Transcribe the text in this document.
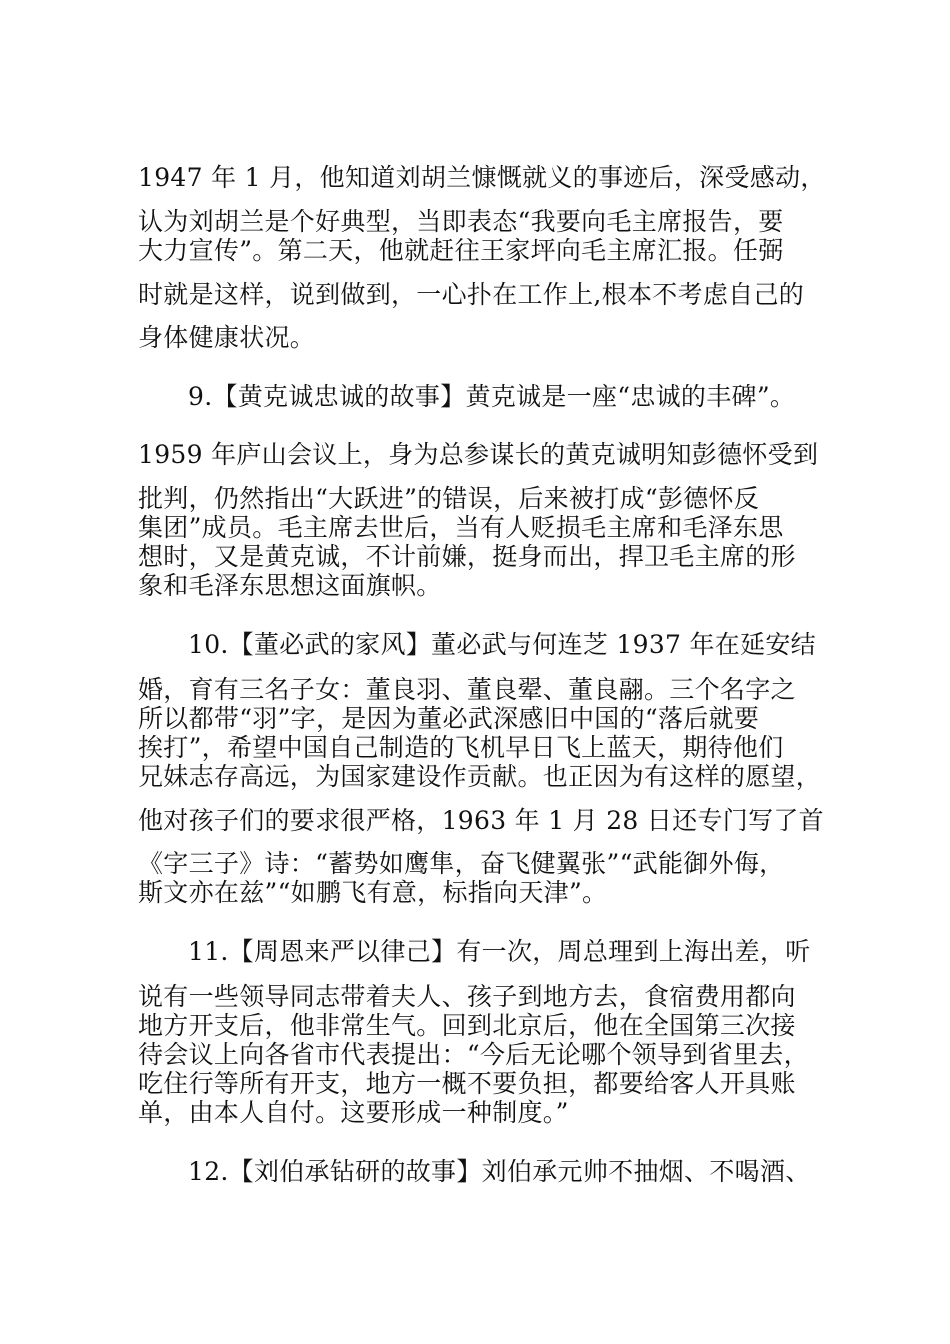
1947 年 1 月，他知道刘胡兰慷慨就义的事迹后，深受感动，
认为刘胡兰是个好典型，当即表态“我要向毛主席报告，要
大力宣传”。第二天，他就赶往王家坪向毛主席汇报。任弼
时就是这样，说到做到，一心扑在工作上,根本不考虑自己的
身体健康状况。
9.【黄克诚忠诚的故事】黄克诚是一座“忠诚的丰碑”。
1959 年庐山会议上，身为总参谋长的黄克诚明知彭德怀受到
批判，仍然指出“大跃进”的错误，后来被打成“彭德怀反
集团”成员。毛主席去世后，当有人贬损毛主席和毛泽东思
想时，又是黄克诚，不计前嫌，挺身而出，捍卫毛主席的形
象和毛泽东思想这面旗帜。
10.【董必武的家风】董必武与何连芝 1937 年在延安结
婚，育有三名子女：董良羽、董良翚、董良翮。三个名字之
所以都带“羽”字，是因为董必武深感旧中国的“落后就要
挨打”，希望中国自己制造的飞机早日飞上蓝天，期待他们
兄妹志存高远，为国家建设作贡献。也正因为有这样的愿望，
他对孩子们的要求很严格，1963 年 1 月 28 日还专门写了首
《字三子》诗：“蓄势如鹰隼，奋飞健翼张”“武能御外侮，
斯文亦在兹”“如鹏飞有意，标指向天津”。
11.【周恩来严以律己】有一次，周总理到上海出差，听
说有一些领导同志带着夫人、孩子到地方去，食宿费用都向
地方开支后，他非常生气。回到北京后，他在全国第三次接
待会议上向各省市代表提出：“今后无论哪个领导到省里去，
吃住行等所有开支，地方一概不要负担，都要给客人开具账
单，由本人自付。这要形成一种制度。”
12.【刘伯承钻研的故事】刘伯承元帅不抽烟、不喝酒、
